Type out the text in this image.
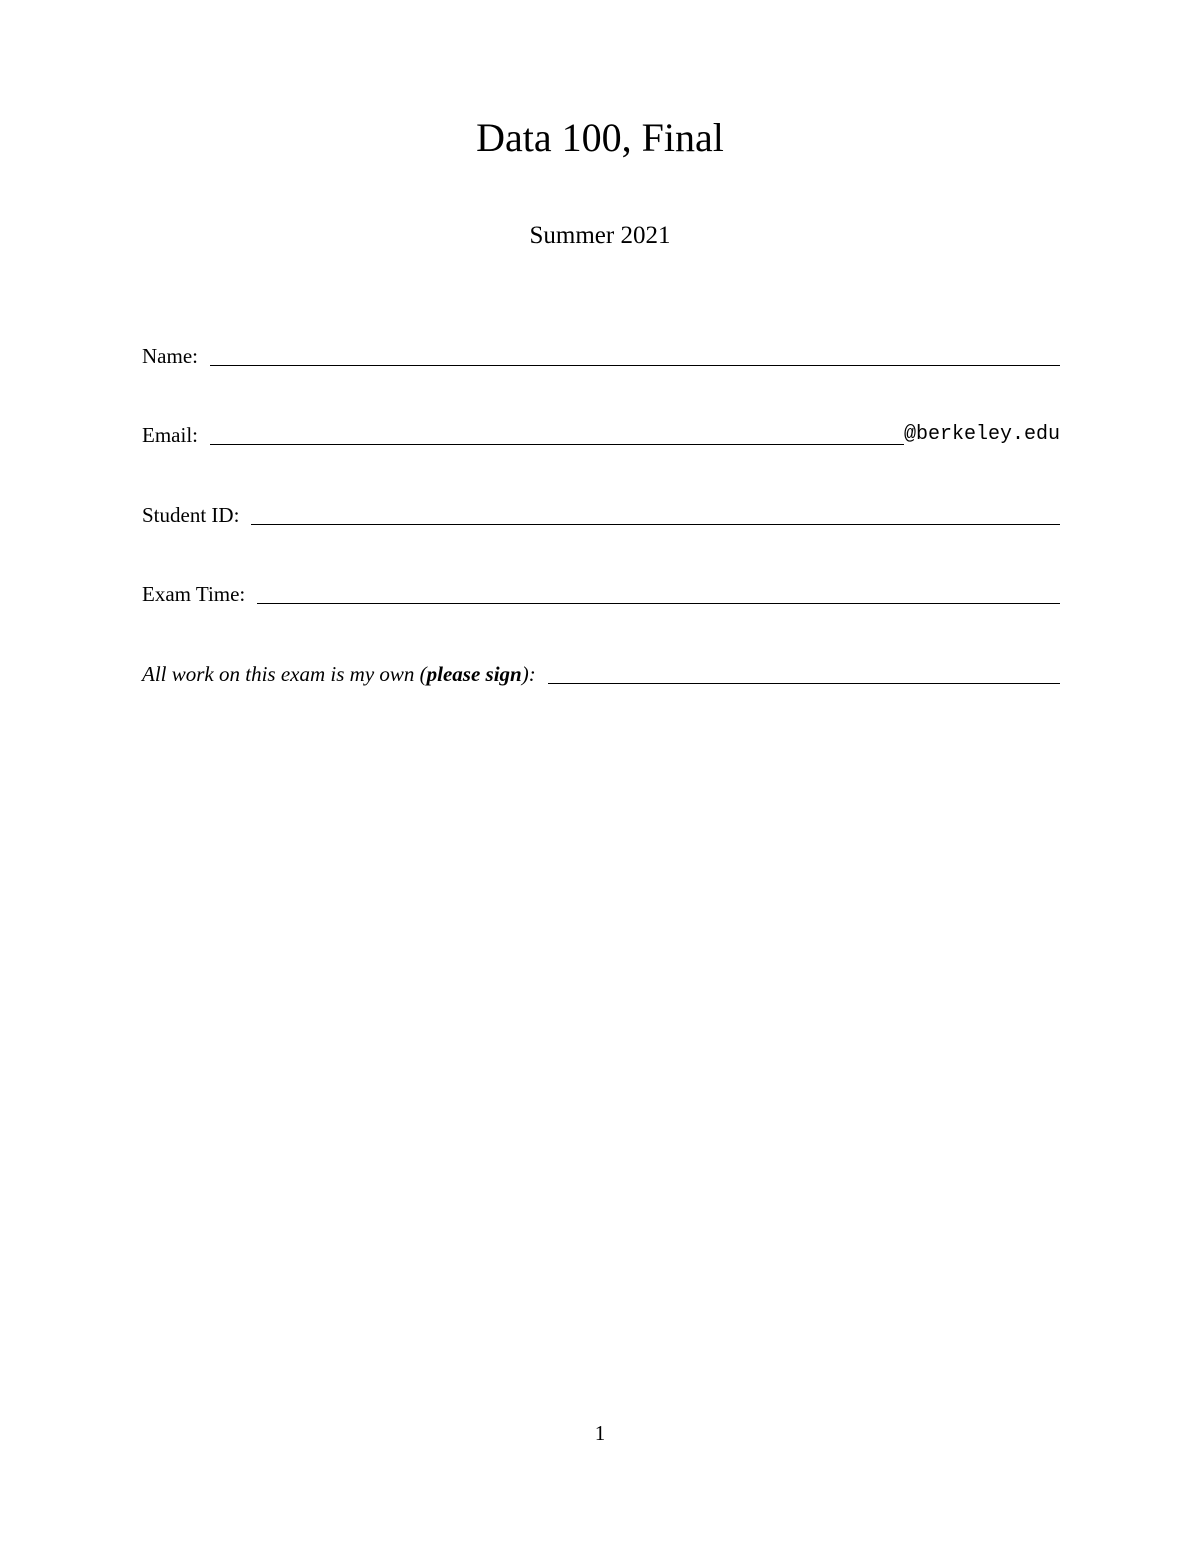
Data 100, Final
Summer 2021
Name:
Email:	@berkeley.edu
Student ID:
Exam Time:
All work on this exam is my own (please sign):
1
